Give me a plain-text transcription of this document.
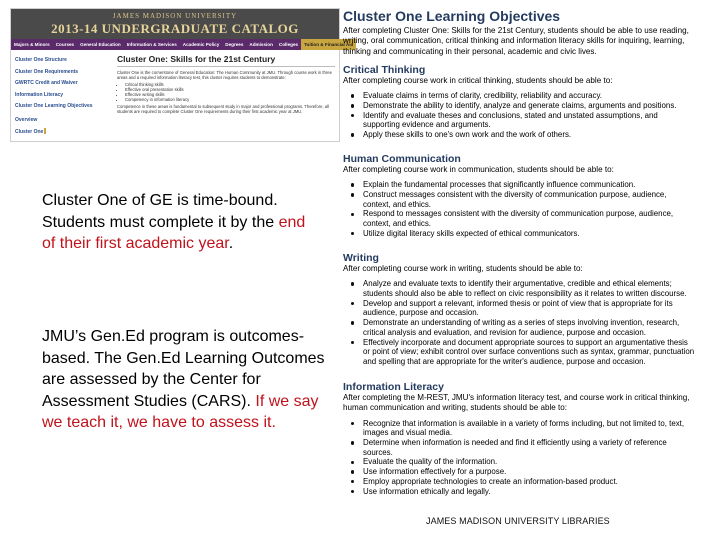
JAMES MADISON UNIVERSITY
2013-14 UNDERGRADUATE CATALOG
Majors & Minors	Courses	General Education	Information & Services	Academic Policy	Degrees	Admission	Colleges	Tuition & Financial Aid
Cluster One Structure
Cluster One Requirements
GWRTC Credit and Waiver
Information Literacy
Cluster One Learning Objectives
Overview
Cluster One
Cluster One: Skills for the 21st Century

Cluster One is the cornerstone of General Education: The Human Community at JMU. Through course work in three areas and a required information literacy test, this cluster requires students to demonstrate:

• Critical thinking skills
• Effective oral presentation skills
• Effective writing skills
• Competency in information literacy

Competence in these areas is fundamental to subsequent study in major and professional programs. Therefore, all students are required to complete Cluster One requirements during their first academic year at JMU.

Cluster One of GE is time-bound. Students must complete it by the end of their first academic year.
JMU’s Gen.Ed program is outcomes-based. The Gen.Ed Learning Outcomes are assessed by the Center for Assessment Studies (CARS). If we say we teach it, we have to assess it.
Cluster One Learning Objectives

After completing Cluster One: Skills for the 21st Century, students should be able to use reading, writing, oral communication, critical thinking and information literacy skills for inquiring, learning, thinking and communicating in their personal, academic and civic lives.

Critical Thinking

After completing course work in critical thinking, students should be able to:

Evaluate claims in terms of clarity, credibility, reliability and accuracy.
Demonstrate the ability to identify, analyze and generate claims, arguments and positions.
Identify and evaluate theses and conclusions, stated and unstated assumptions, and supporting evidence and arguments.
Apply these skills to one's own work and the work of others.
Human Communication

After completing course work in communication, students should be able to:

Explain the fundamental processes that significantly influence communication.
Construct messages consistent with the diversity of communication purpose, audience, context, and ethics.
Respond to messages consistent with the diversity of communication purpose, audience, context, and ethics.
Utilize digital literacy skills expected of ethical communicators.
Writing

After completing course work in writing, students should be able to:

Analyze and evaluate texts to identify their argumentative, credible and ethical elements; students should also be able to reflect on civic responsibility as it relates to written discourse.
Develop and support a relevant, informed thesis or point of view that is appropriate for its audience, purpose and occasion.
Demonstrate an understanding of writing as a series of steps involving invention, research, critical analysis and evaluation, and revision for audience, purpose and occasion.
Effectively incorporate and document appropriate sources to support an argumentative thesis or point of view; exhibit control over surface conventions such as syntax, grammar, punctuation and spelling that are appropriate for the writer's audience, purpose and occasion.
Information Literacy

After completing the M-REST, JMU's information literacy test, and course work in critical thinking, human communication and writing, students should be able to:

Recognize that information is available in a variety of forms including, but not limited to, text, images and visual media.
Determine when information is needed and find it efficiently using a variety of reference sources.
Evaluate the quality of the information.
Use information effectively for a purpose.
Employ appropriate technologies to create an information-based product.
Use information ethically and legally.
JAMES MADISON UNIVERSITY LIBRARIES
